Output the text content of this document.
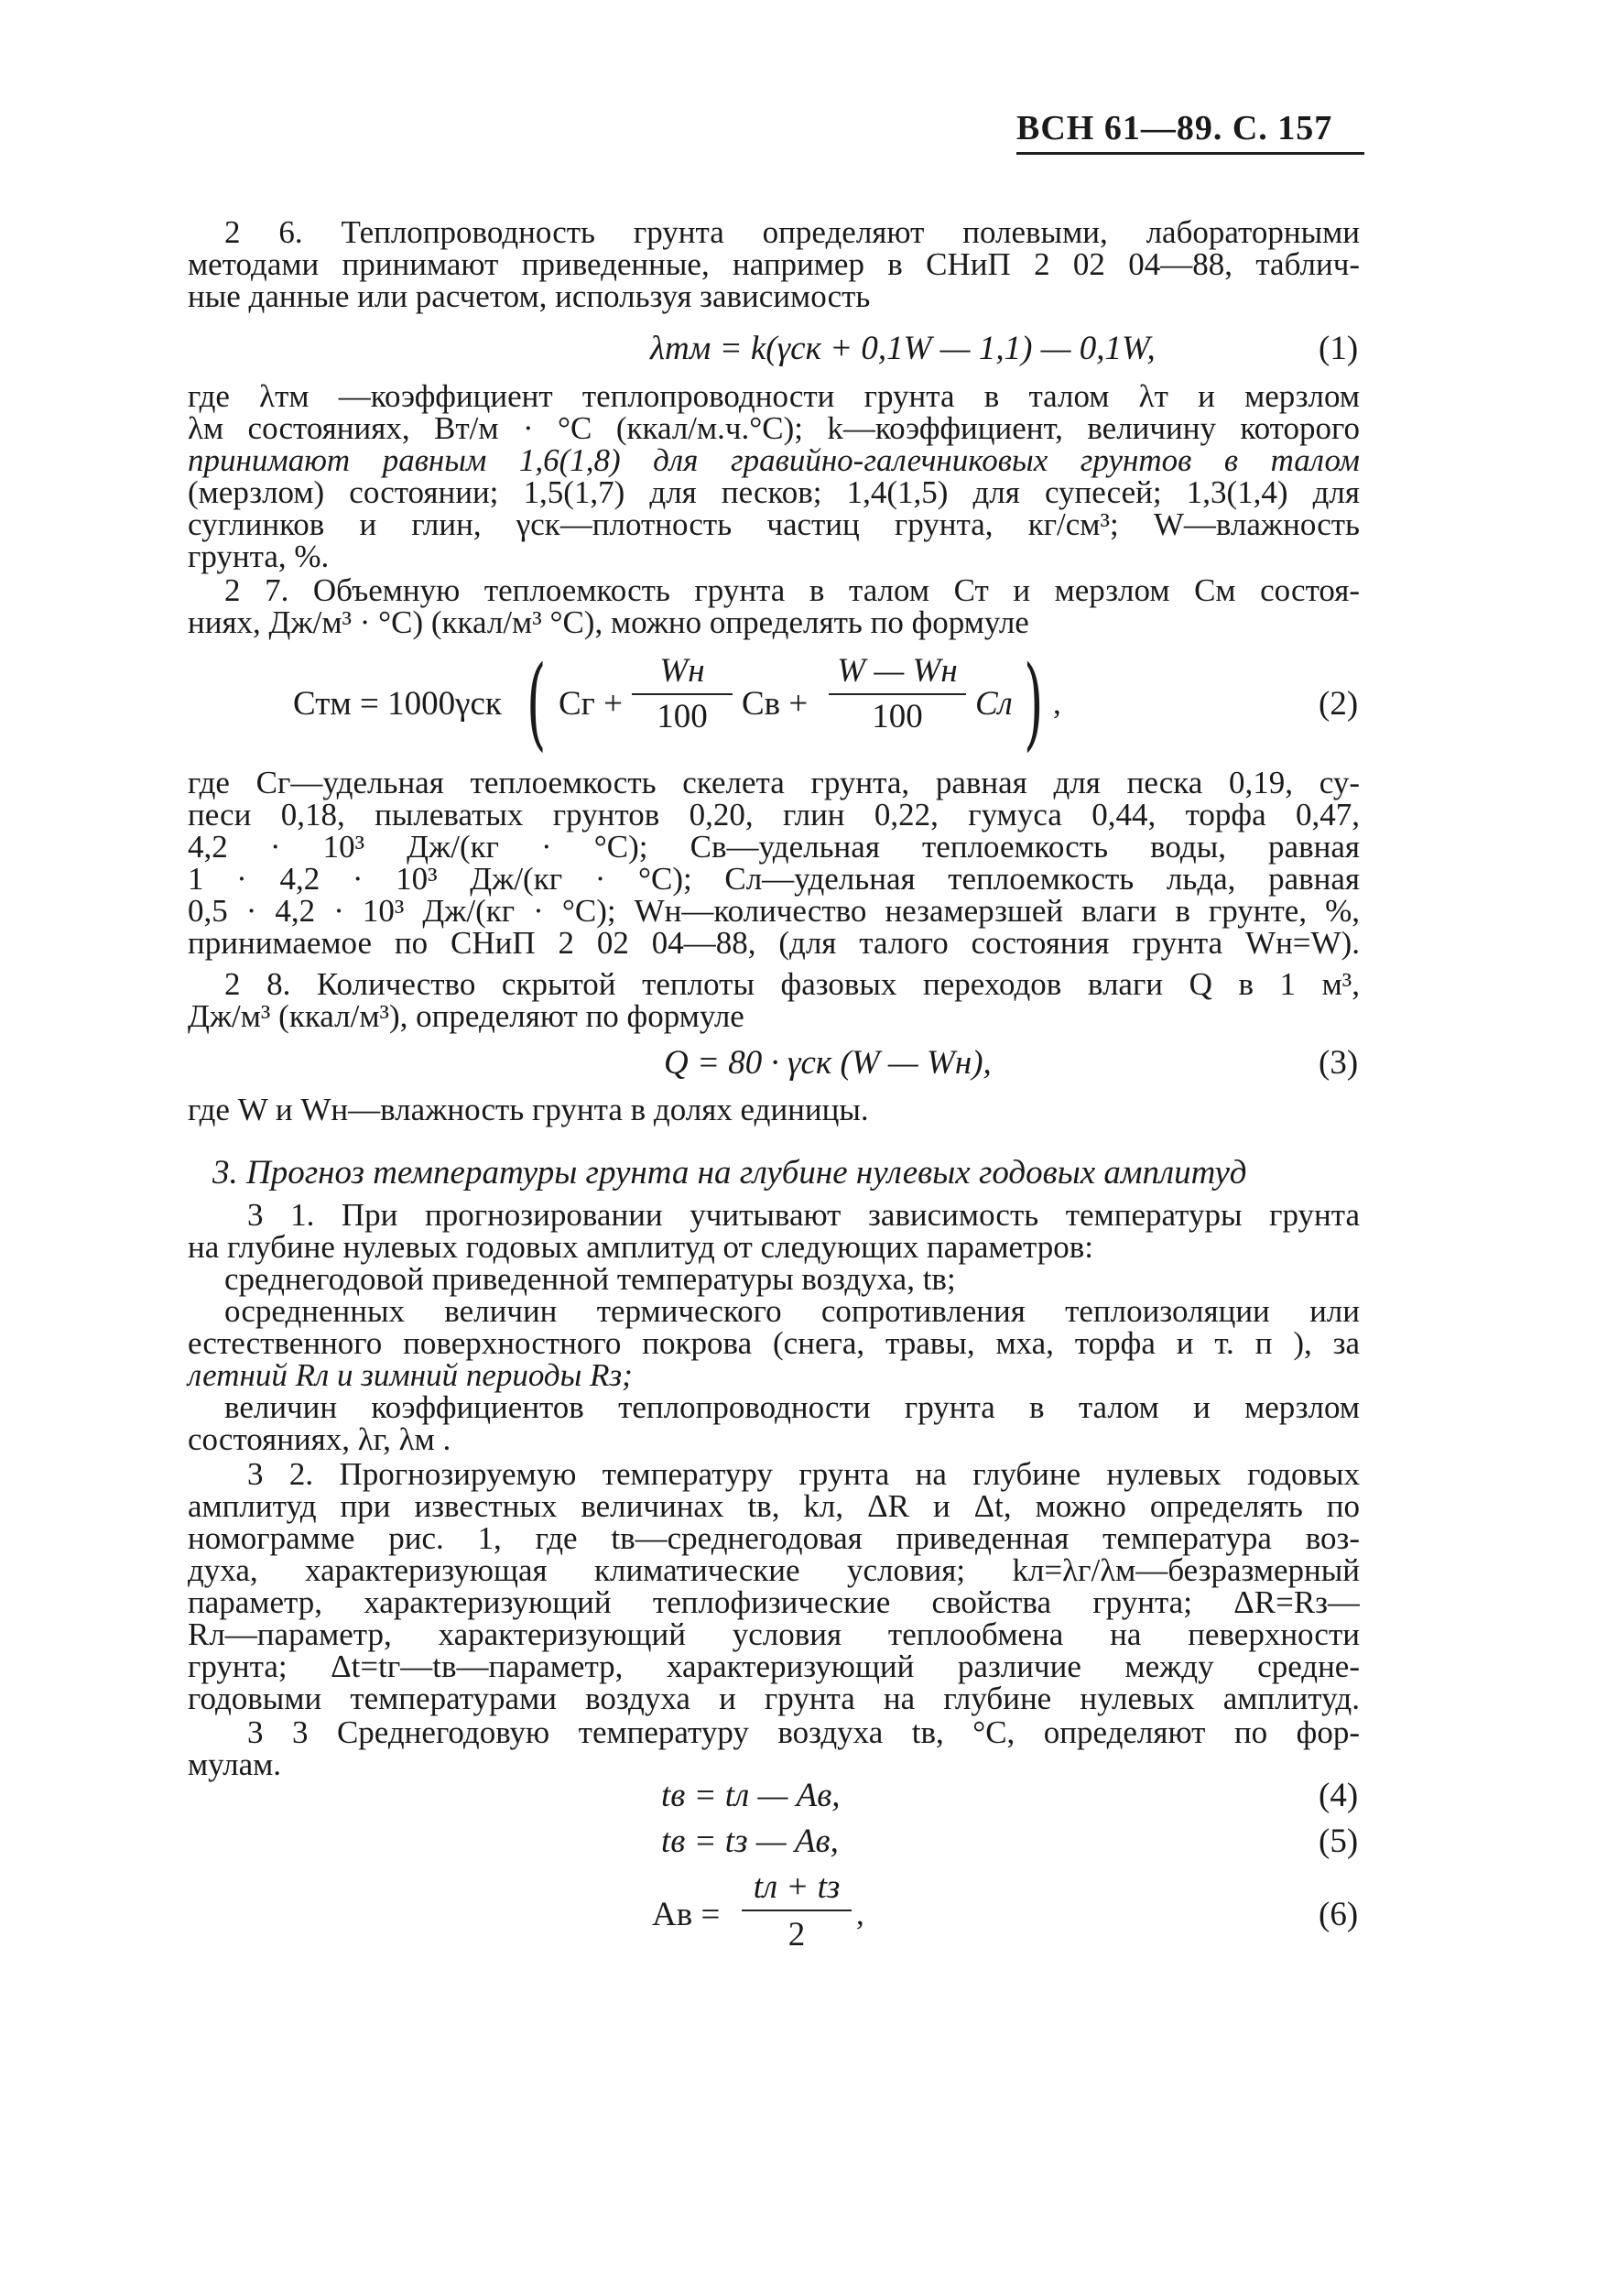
ВСН 61—89. С. 157
2 6. Теплопроводность грунта определяют полевыми, лабораторными
методами принимают приведенные, например в СНиП 2 02 04—88, таблич-
ные данные или расчетом, используя зависимость
λтм = k(γск + 0,1W — 1,1) — 0,1W,	(1)
где λтм —коэффициент теплопроводности грунта в талом λт и мерзлом
λм состояниях, Вт/м · °С (ккал/м.ч.°С); k—коэффициент, величину которого
принимают равным 1,6(1,8) для гравийно-галечниковых грунтов в талом
(мерзлом) состоянии; 1,5(1,7) для песков; 1,4(1,5) для супесей; 1,3(1,4) для
суглинков и глин, γск—плотность частиц грунта, кг/см³; W—влажность
грунта, %.
2 7. Объемную теплоемкость грунта в талом Ст и мерзлом См состоя-
ниях, Дж/м³ · °С) (ккал/м³ °С), можно определять по формуле
Стм = 1000γск ( Сг +
Wн
100	Св +
W — Wн
100	Сл ) ,	(2)
где Сг—удельная теплоемкость скелета грунта, равная для песка 0,19, су-
песи 0,18, пылеватых грунтов 0,20, глин 0,22, гумуса 0,44, торфа 0,47,
4,2 · 10³ Дж/(кг · °С); Св—удельная теплоемкость воды, равная
1 · 4,2 · 10³ Дж/(кг · °С); Сл—удельная теплоемкость льда, равная
0,5 · 4,2 · 10³ Дж/(кг · °С); Wн—количество незамерзшей влаги в грунте, %,
принимаемое по СНиП 2 02 04—88, (для талого состояния грунта Wн=W).
2 8. Количество скрытой теплоты фазовых переходов влаги Q в 1 м³,
Дж/м³ (ккал/м³), определяют по формуле
Q = 80 · γск (W — Wн),	(3)
где W и Wн—влажность грунта в долях единицы.
3. Прогноз температуры грунта на глубине нулевых годовых амплитуд
3 1. При прогнозировании учитывают зависимость температуры грунта
на глубине нулевых годовых амплитуд от следующих параметров:
среднегодовой приведенной температуры воздуха, tв;
осредненных величин термического сопротивления теплоизоляции или
естественного поверхностного покрова (снега, травы, мха, торфа и т. п ), за
летний Rл и зимний периоды Rз;
величин коэффициентов теплопроводности грунта в талом и мерзлом
состояниях, λг, λм .
3 2. Прогнозируемую температуру грунта на глубине нулевых годовых
амплитуд при известных величинах tв, kл, ΔR и Δt, можно определять по
номограмме рис. 1, где tв—среднегодовая приведенная температура воз-
духа, характеризующая климатические условия; kл=λг/λм—безразмерный
параметр, характеризующий теплофизические свойства грунта; ΔR=Rз—
Rл—параметр, характеризующий условия теплообмена на певерхности
грунта; Δt=tг—tв—параметр, характеризующий различие между средне-
годовыми температурами воздуха и грунта на глубине нулевых амплитуд.
3 3 Среднегодовую температуру воздуха tв, °С, определяют по фор-
мулам.
tв = tл — Ав,	(4)
tв = tз — Ав,	(5)
Ав =
tл + tз
2
,	(6)
